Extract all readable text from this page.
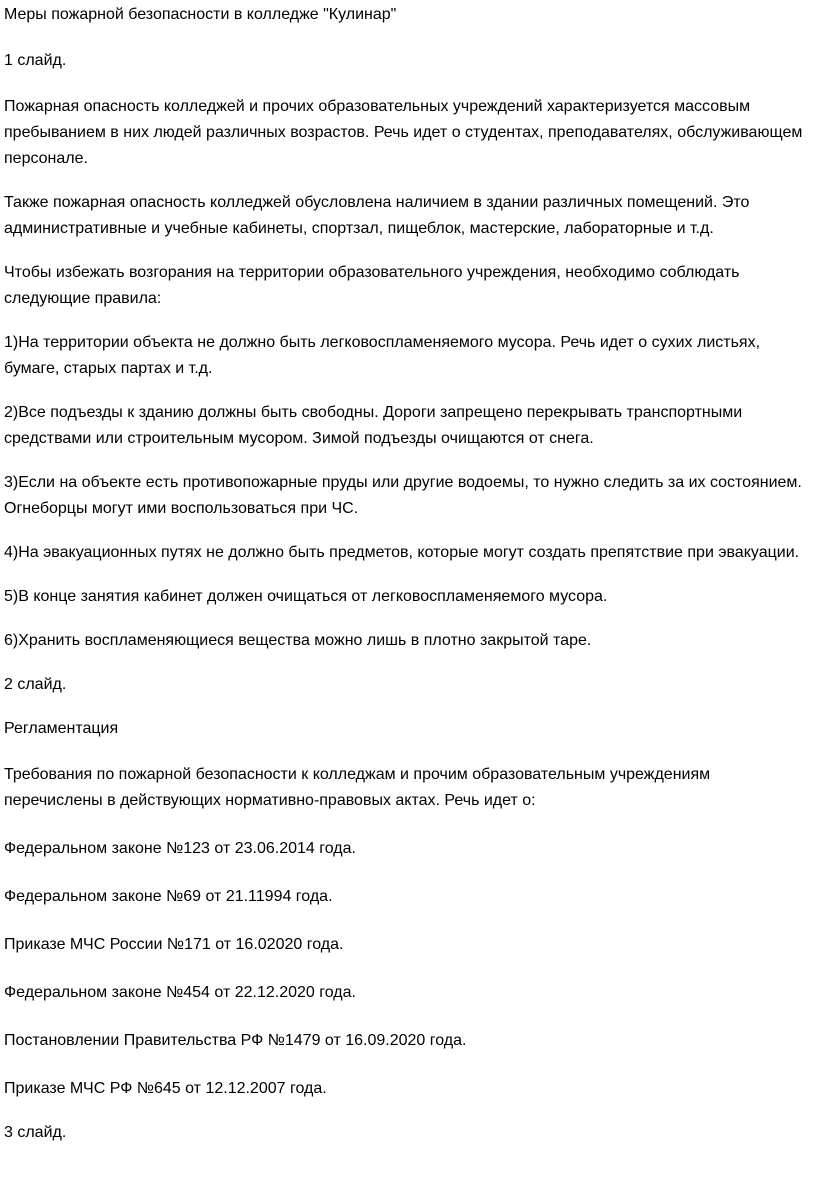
Меры пожарной безопасности в колледже "Кулинар"

1 слайд.

Пожарная опасность колледжей и прочих образовательных учреждений характеризуется массовым пребыванием в них людей различных возрастов. Речь идет о студентах, преподавателях, обслуживающем персонале.

Также пожарная опасность колледжей обусловлена наличием в здании различных помещений. Это административные и учебные кабинеты, спортзал, пищеблок, мастерские, лабораторные и т.д.

Чтобы избежать возгорания на территории образовательного учреждения, необходимо соблюдать следующие правила:

1)На территории объекта не должно быть легковоспламеняемого мусора. Речь идет о сухих листьях, бумаге, старых партах и т.д.

2)Все подъезды к зданию должны быть свободны. Дороги запрещено перекрывать транспортными средствами или строительным мусором. Зимой подъезды очищаются от снега.

3)Если на объекте есть противопожарные пруды или другие водоемы, то нужно следить за их состоянием. Огнеборцы могут ими воспользоваться при ЧС.

4)На эвакуационных путях не должно быть предметов, которые могут создать препятствие при эвакуации.

5)В конце занятия кабинет должен очищаться от легковоспламеняемого мусора.

6)Хранить воспламеняющиеся вещества можно лишь в плотно закрытой таре.

2 слайд.

Регламентация

Требования по пожарной безопасности к колледжам и прочим образовательным учреждениям перечислены в действующих нормативно-правовых актах. Речь идет о:

Федеральном законе №123 от 23.06.2014 года.

Федеральном законе №69 от 21.11994 года.

Приказе МЧС России №171 от 16.02020 года.

Федеральном законе №454 от 22.12.2020 года.

Постановлении Правительства РФ №1479 от 16.09.2020 года.

Приказе МЧС РФ №645 от 12.12.2007 года.

3 слайд.
